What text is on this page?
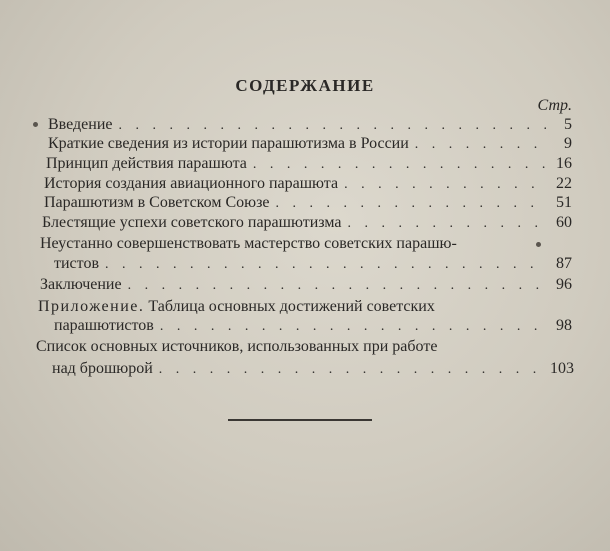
СОДЕРЖАНИЕ
Стр.
Введение . . .	5
Краткие сведения из истории парашютизма в России . . .	9
Принцип действия парашюта . . .	16
История создания авиационного парашюта . . .	22
Парашютизм в Советском Союзе . . .	51
Блестящие успехи советского парашютизма . . .	60
Неустанно совершенствовать мастерство советских парашю-
тистов . . .	87
Заключение . . .	96
Приложение. Таблица основных достижений советских
парашютистов . . .	98
Список основных источников, использованных при работе
над брошюрой . . .	103
